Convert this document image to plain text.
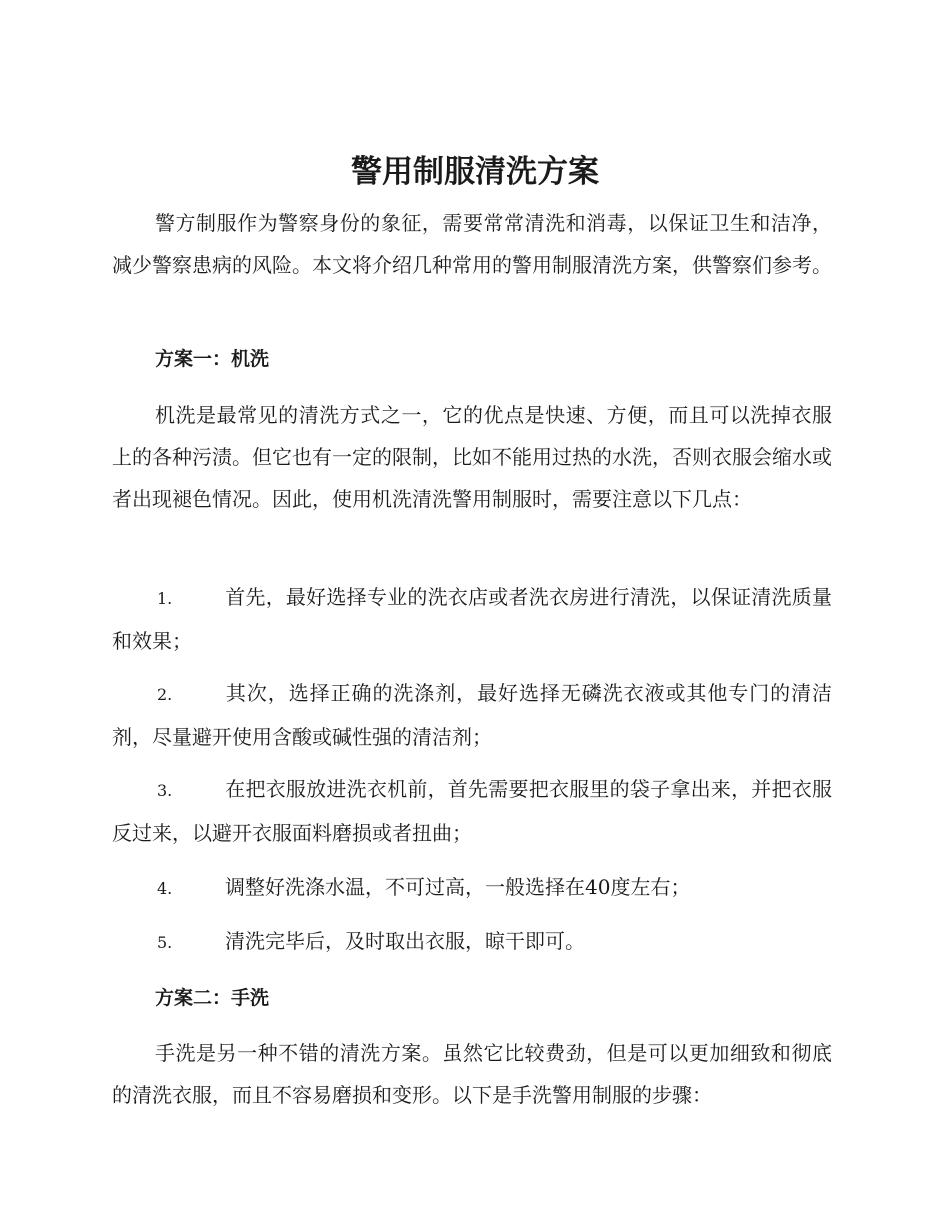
警用制服清洗方案

警方制服作为警察身份的象征，需要常常清洗和消毒，以保证卫生和洁净，减少警察患病的风险。本文将介绍几种常用的警用制服清洗方案，供警察们参考。

方案一：机洗

机洗是最常见的清洗方式之一，它的优点是快速、方便，而且可以洗掉衣服上的各种污渍。但它也有一定的限制，比如不能用过热的水洗，否则衣服会缩水或者出现褪色情况。因此，使用机洗清洗警用制服时，需要注意以下几点：

1.	首先，最好选择专业的洗衣店或者洗衣房进行清洗，以保证清洗质量和效果；

2.	其次，选择正确的洗涤剂，最好选择无磷洗衣液或其他专门的清洁剂，尽量避开使用含酸或碱性强的清洁剂；

3.	在把衣服放进洗衣机前，首先需要把衣服里的袋子拿出来，并把衣服反过来，以避开衣服面料磨损或者扭曲；

4.	调整好洗涤水温，不可过高，一般选择在40度左右；

5.	清洗完毕后，及时取出衣服，晾干即可。

方案二：手洗

手洗是另一种不错的清洗方案。虽然它比较费劲，但是可以更加细致和彻底的清洗衣服，而且不容易磨损和变形。以下是手洗警用制服的步骤：
